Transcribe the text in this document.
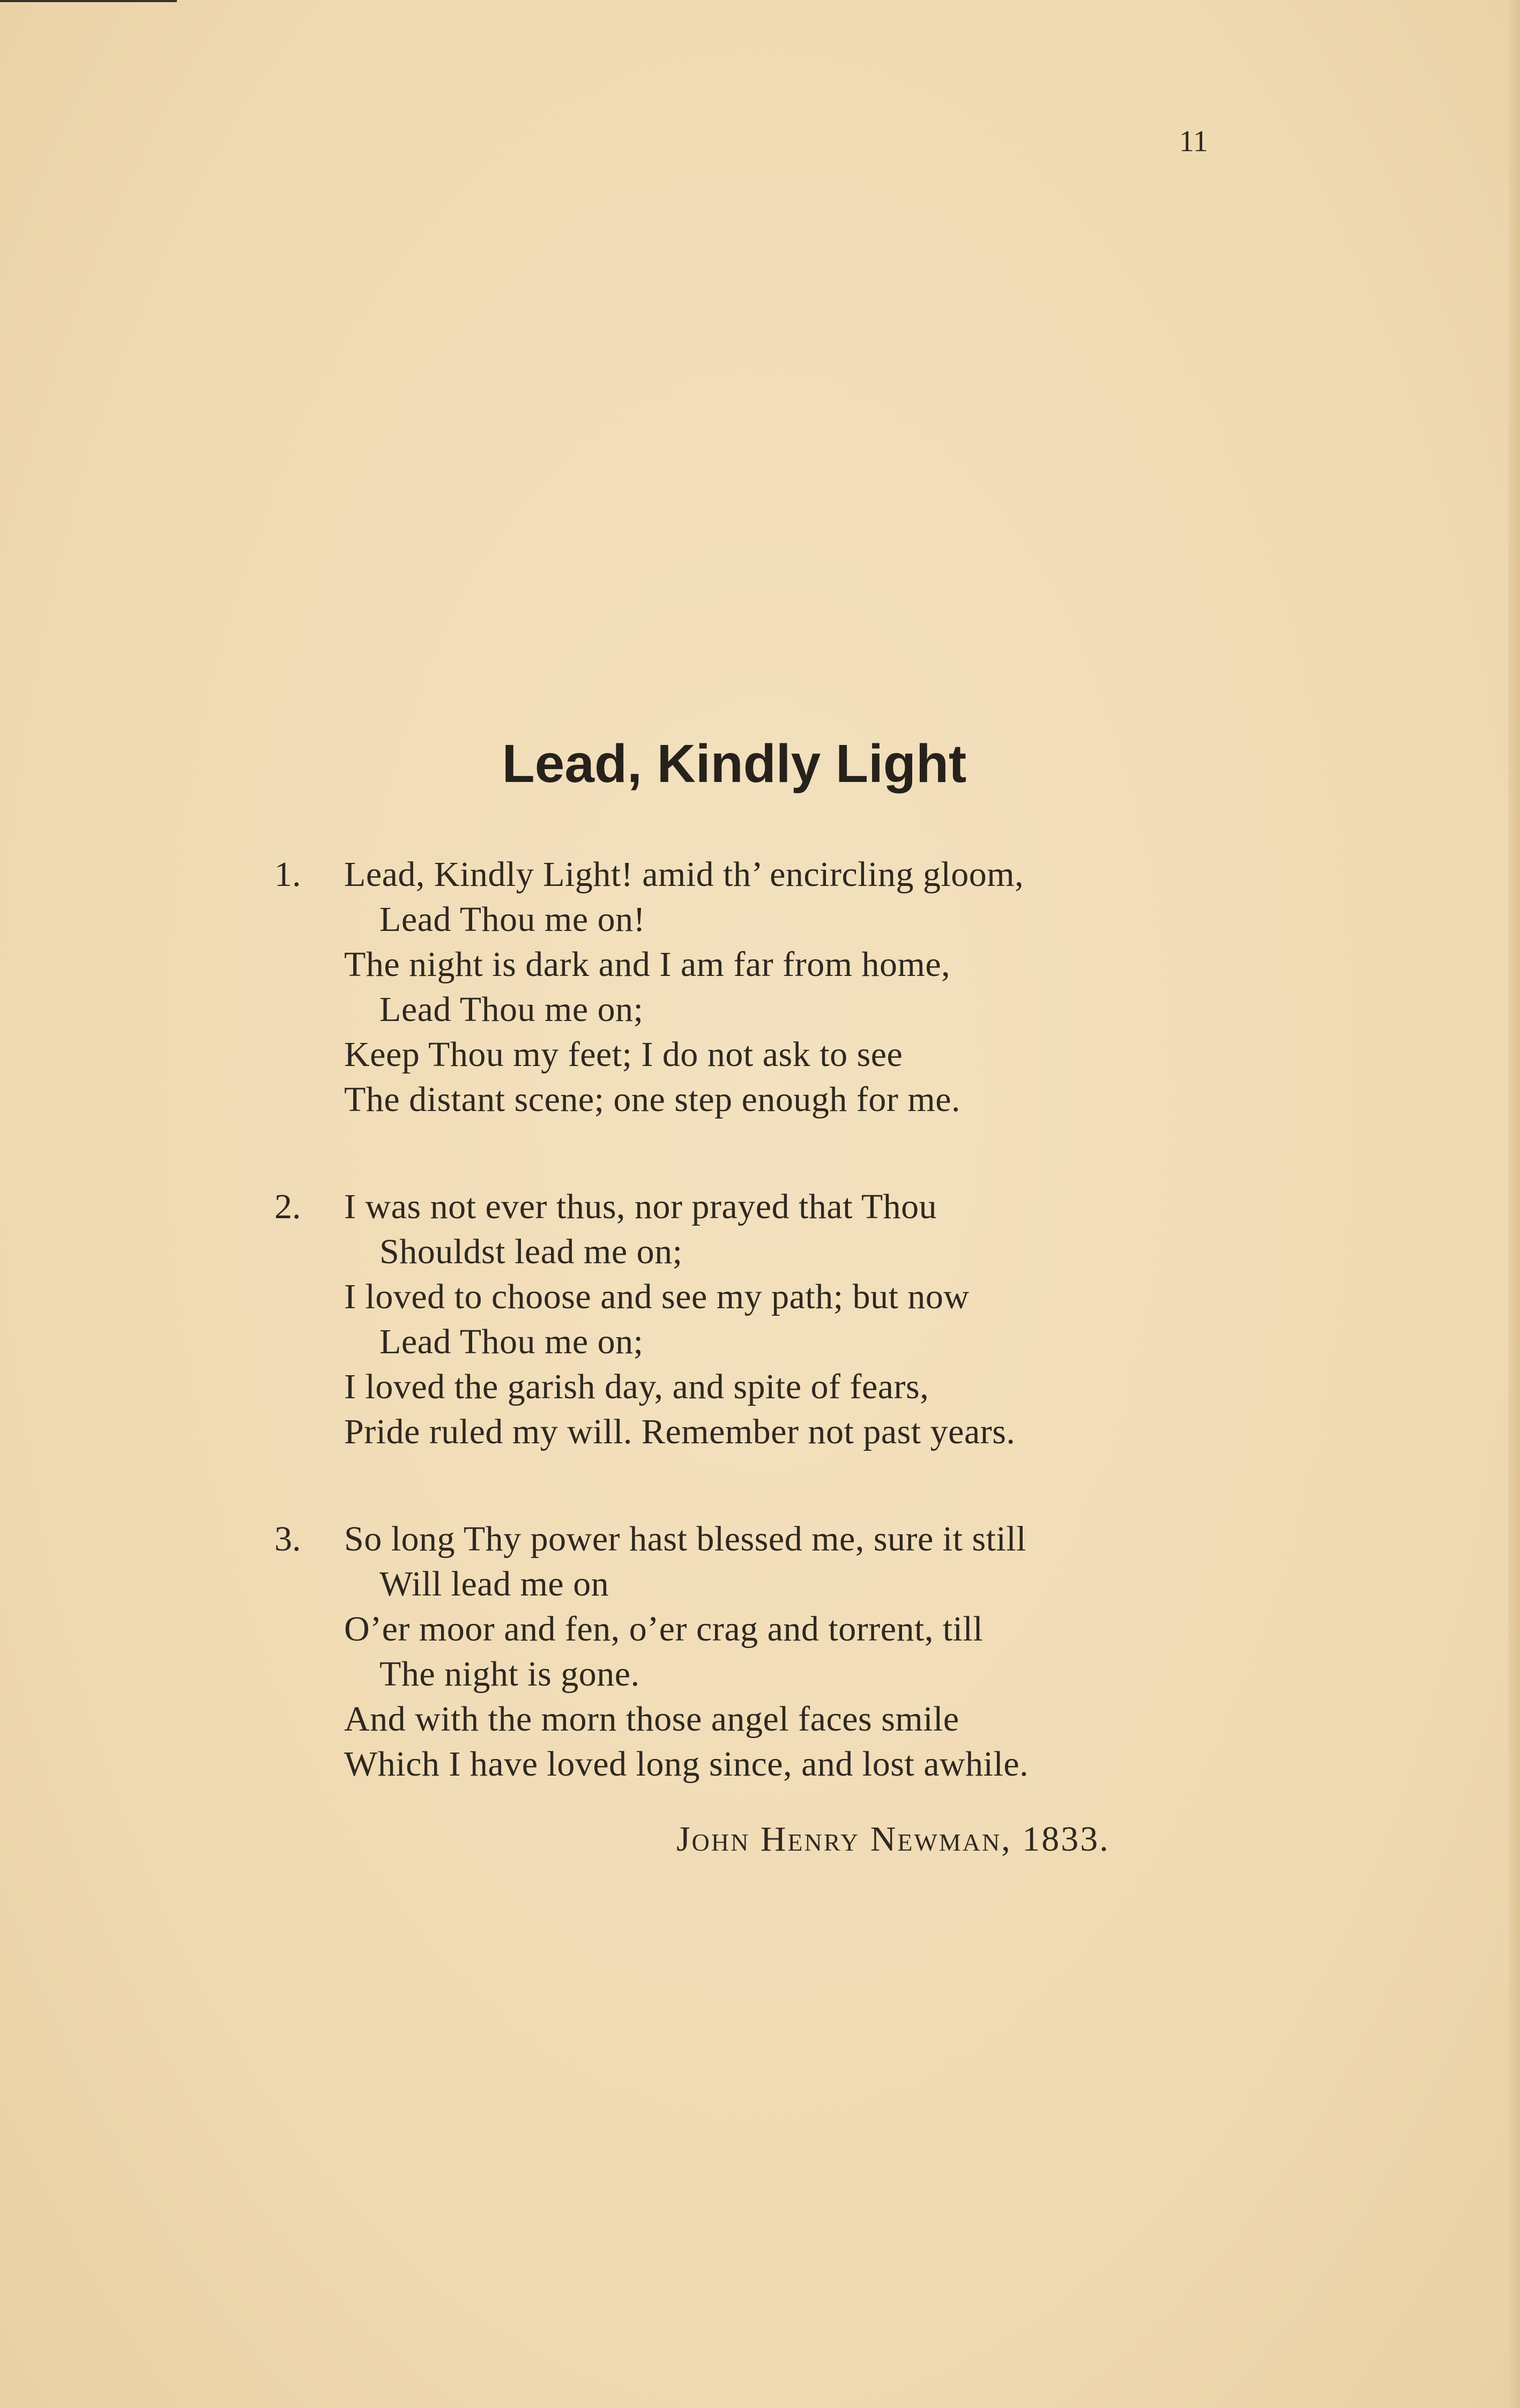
11
Lead, Kindly Light
1. Lead, Kindly Light! amid th’ encircling gloom,
Lead Thou me on!
The night is dark and I am far from home,
Lead Thou me on;
Keep Thou my feet; I do not ask to see
The distant scene; one step enough for me.
2. I was not ever thus, nor prayed that Thou
Shouldst lead me on;
I loved to choose and see my path; but now
Lead Thou me on;
I loved the garish day, and spite of fears,
Pride ruled my will. Remember not past years.
3. So long Thy power hast blessed me, sure it still
Will lead me on
O’er moor and fen, o’er crag and torrent, till
The night is gone.
And with the morn those angel faces smile
Which I have loved long since, and lost awhile.
John Henry Newman, 1833.
